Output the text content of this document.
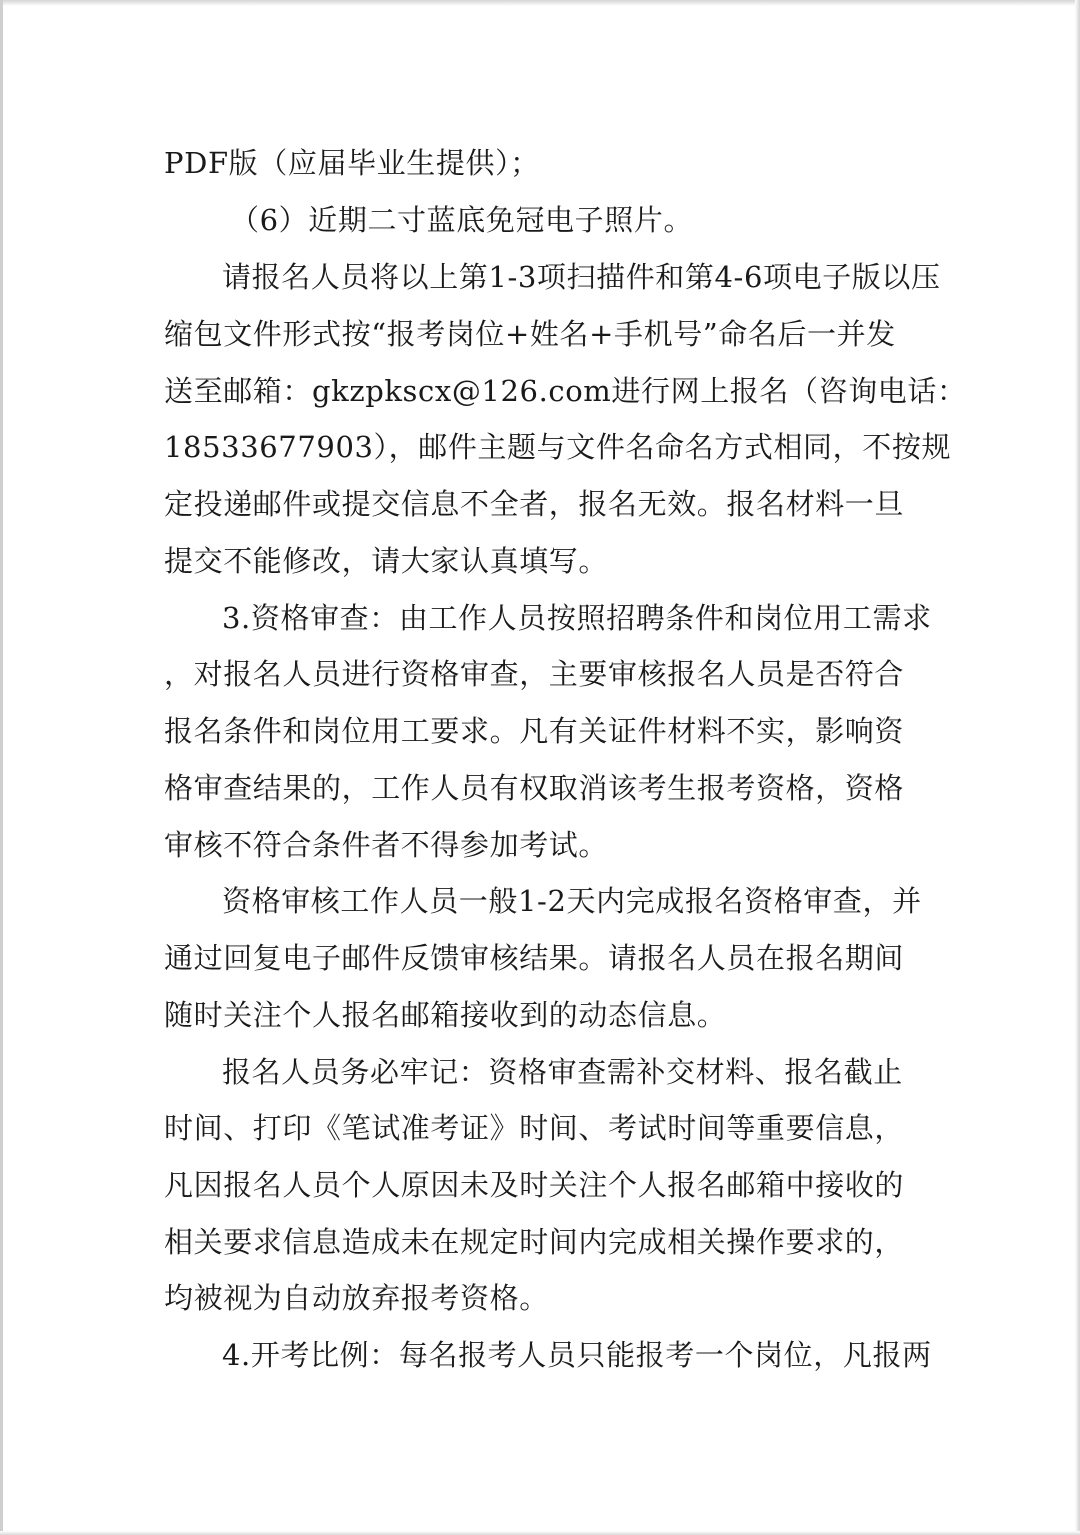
PDF版（应届毕业生提供）；

（6）近期二寸蓝底免冠电子照片。

请报名人员将以上第1-3项扫描件和第4-6项电子版以压

缩包文件形式按“报考岗位+姓名+手机号”命名后一并发

送至邮箱：gkzpkscx@126.com进行网上报名（咨询电话：

18533677903），邮件主题与文件名命名方式相同，不按规

定投递邮件或提交信息不全者，报名无效。报名材料一旦

提交不能修改，请大家认真填写。

3.资格审查：由工作人员按照招聘条件和岗位用工需求

，对报名人员进行资格审查，主要审核报名人员是否符合

报名条件和岗位用工要求。凡有关证件材料不实，影响资

格审查结果的，工作人员有权取消该考生报考资格，资格

审核不符合条件者不得参加考试。

资格审核工作人员一般1-2天内完成报名资格审查，并

通过回复电子邮件反馈审核结果。请报名人员在报名期间

随时关注个人报名邮箱接收到的动态信息。

报名人员务必牢记：资格审查需补交材料、报名截止

时间、打印《笔试准考证》时间、考试时间等重要信息，

凡因报名人员个人原因未及时关注个人报名邮箱中接收的

相关要求信息造成未在规定时间内完成相关操作要求的，

均被视为自动放弃报考资格。

4.开考比例：每名报考人员只能报考一个岗位，凡报两
